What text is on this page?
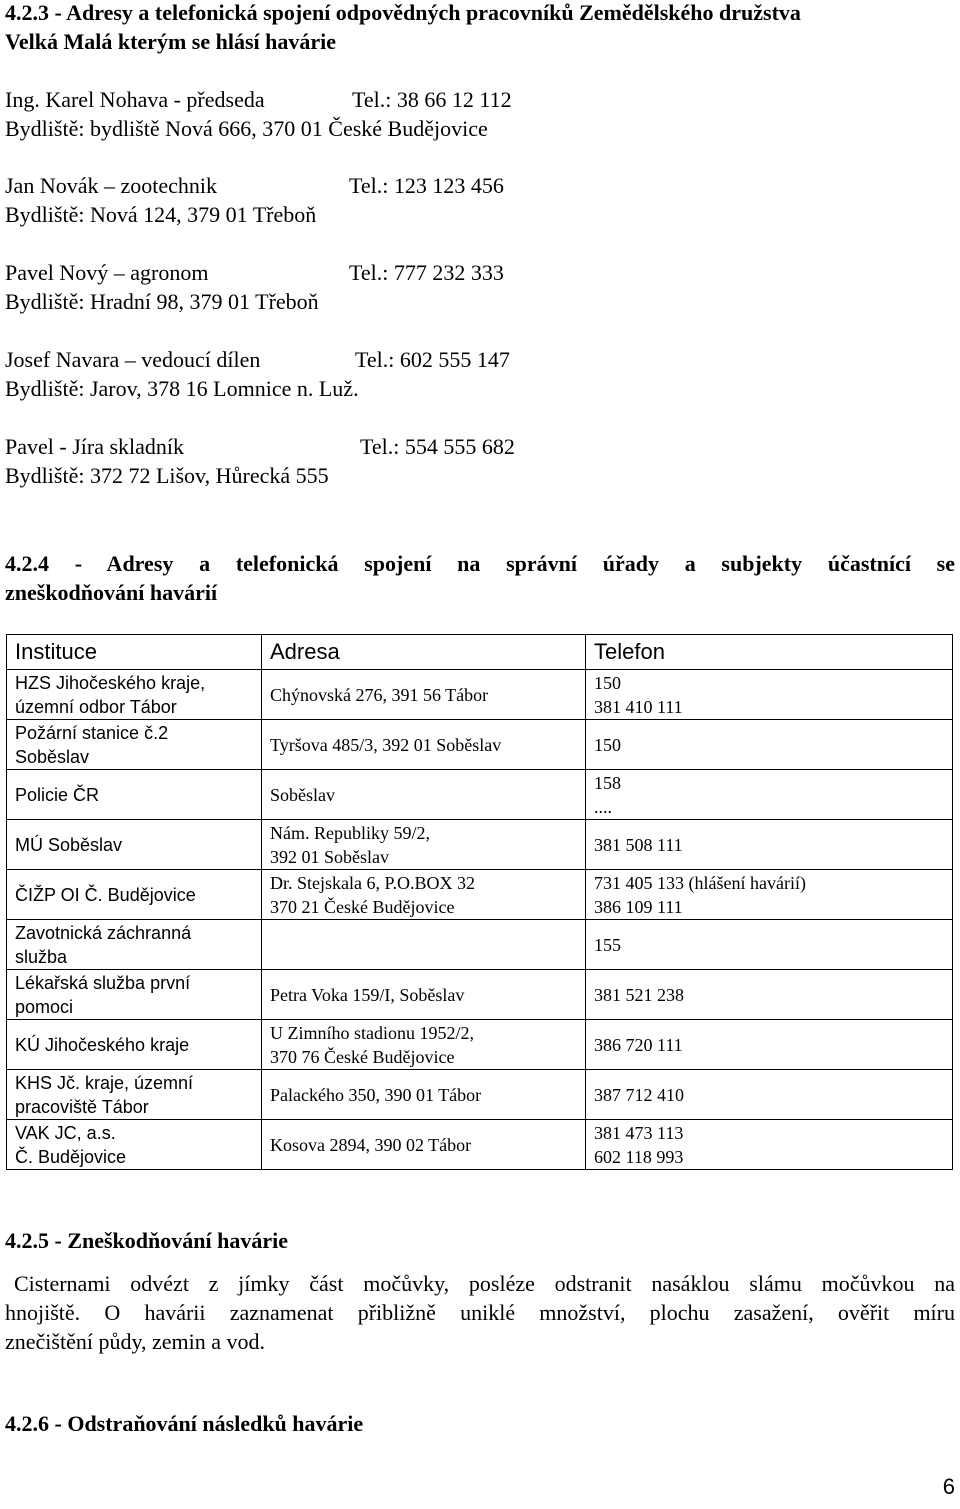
4.2.3 - Adresy a telefonická spojení odpovědných pracovníků Zemědělského družstva
Velká Malá kterým se hlásí havárie
Ing. Karel Nohava - předseda	Tel.: 38 66 12 112
Bydliště: bydliště Nová 666, 370 01 České Budějovice
Jan Novák – zootechnik	Tel.: 123 123 456
Bydliště: Nová 124, 379 01 Třeboň
Pavel Nový – agronom	Tel.: 777 232 333
Bydliště: Hradní 98, 379 01 Třeboň
Josef Navara – vedoucí dílen	Tel.: 602 555 147
Bydliště: Jarov, 378 16 Lomnice n. Luž.
Pavel - Jíra skladník	Tel.: 554 555 682
Bydliště: 372 72 Lišov, Hůrecká 555
4.2.4 - Adresy a telefonická spojení na správní úřady a subjekty účastnící se
zneškodňování havárií
Instituce	Adresa	Telefon

HZS Jihočeského kraje,
územní odbor Tábor	Chýnovská 276, 391 56 Tábor	150
381 410 111

Požární stanice č.2
Soběslav	Tyršova 485/3, 392 01 Soběslav	150

Policie ČR	Soběslav	158
....

MÚ Soběslav	Nám. Republiky 59/2,
392 01 Soběslav	381 508 111

ČIŽP OI Č. Budějovice	Dr. Stejskala 6, P.O.BOX 32
370 21 České Budějovice	731 405 133 (hlášení havárií)
386 109 111

Zavotnická záchranná
služba		155

Lékařská služba první
pomoci	Petra Voka 159/I, Soběslav	381 521 238

KÚ Jihočeského kraje	U Zimního stadionu 1952/2,
370 76 České Budějovice	386 720 111

KHS Jč. kraje, územní
pracoviště Tábor	Palackého 350, 390 01 Tábor	387 712 410

VAK JC, a.s.
Č. Budějovice	Kosova 2894, 390 02 Tábor	381 473 113
602 118 993
4.2.5 - Zneškodňování havárie
Cisternami odvézt z jímky část močůvky, posléze odstranit nasáklou slámu močůvkou na
hnojiště. O havárii zaznamenat přibližně uniklé množství, plochu zasažení, ověřit míru
znečištění půdy, zemin a vod.
4.2.6 - Odstraňování následků havárie
6
